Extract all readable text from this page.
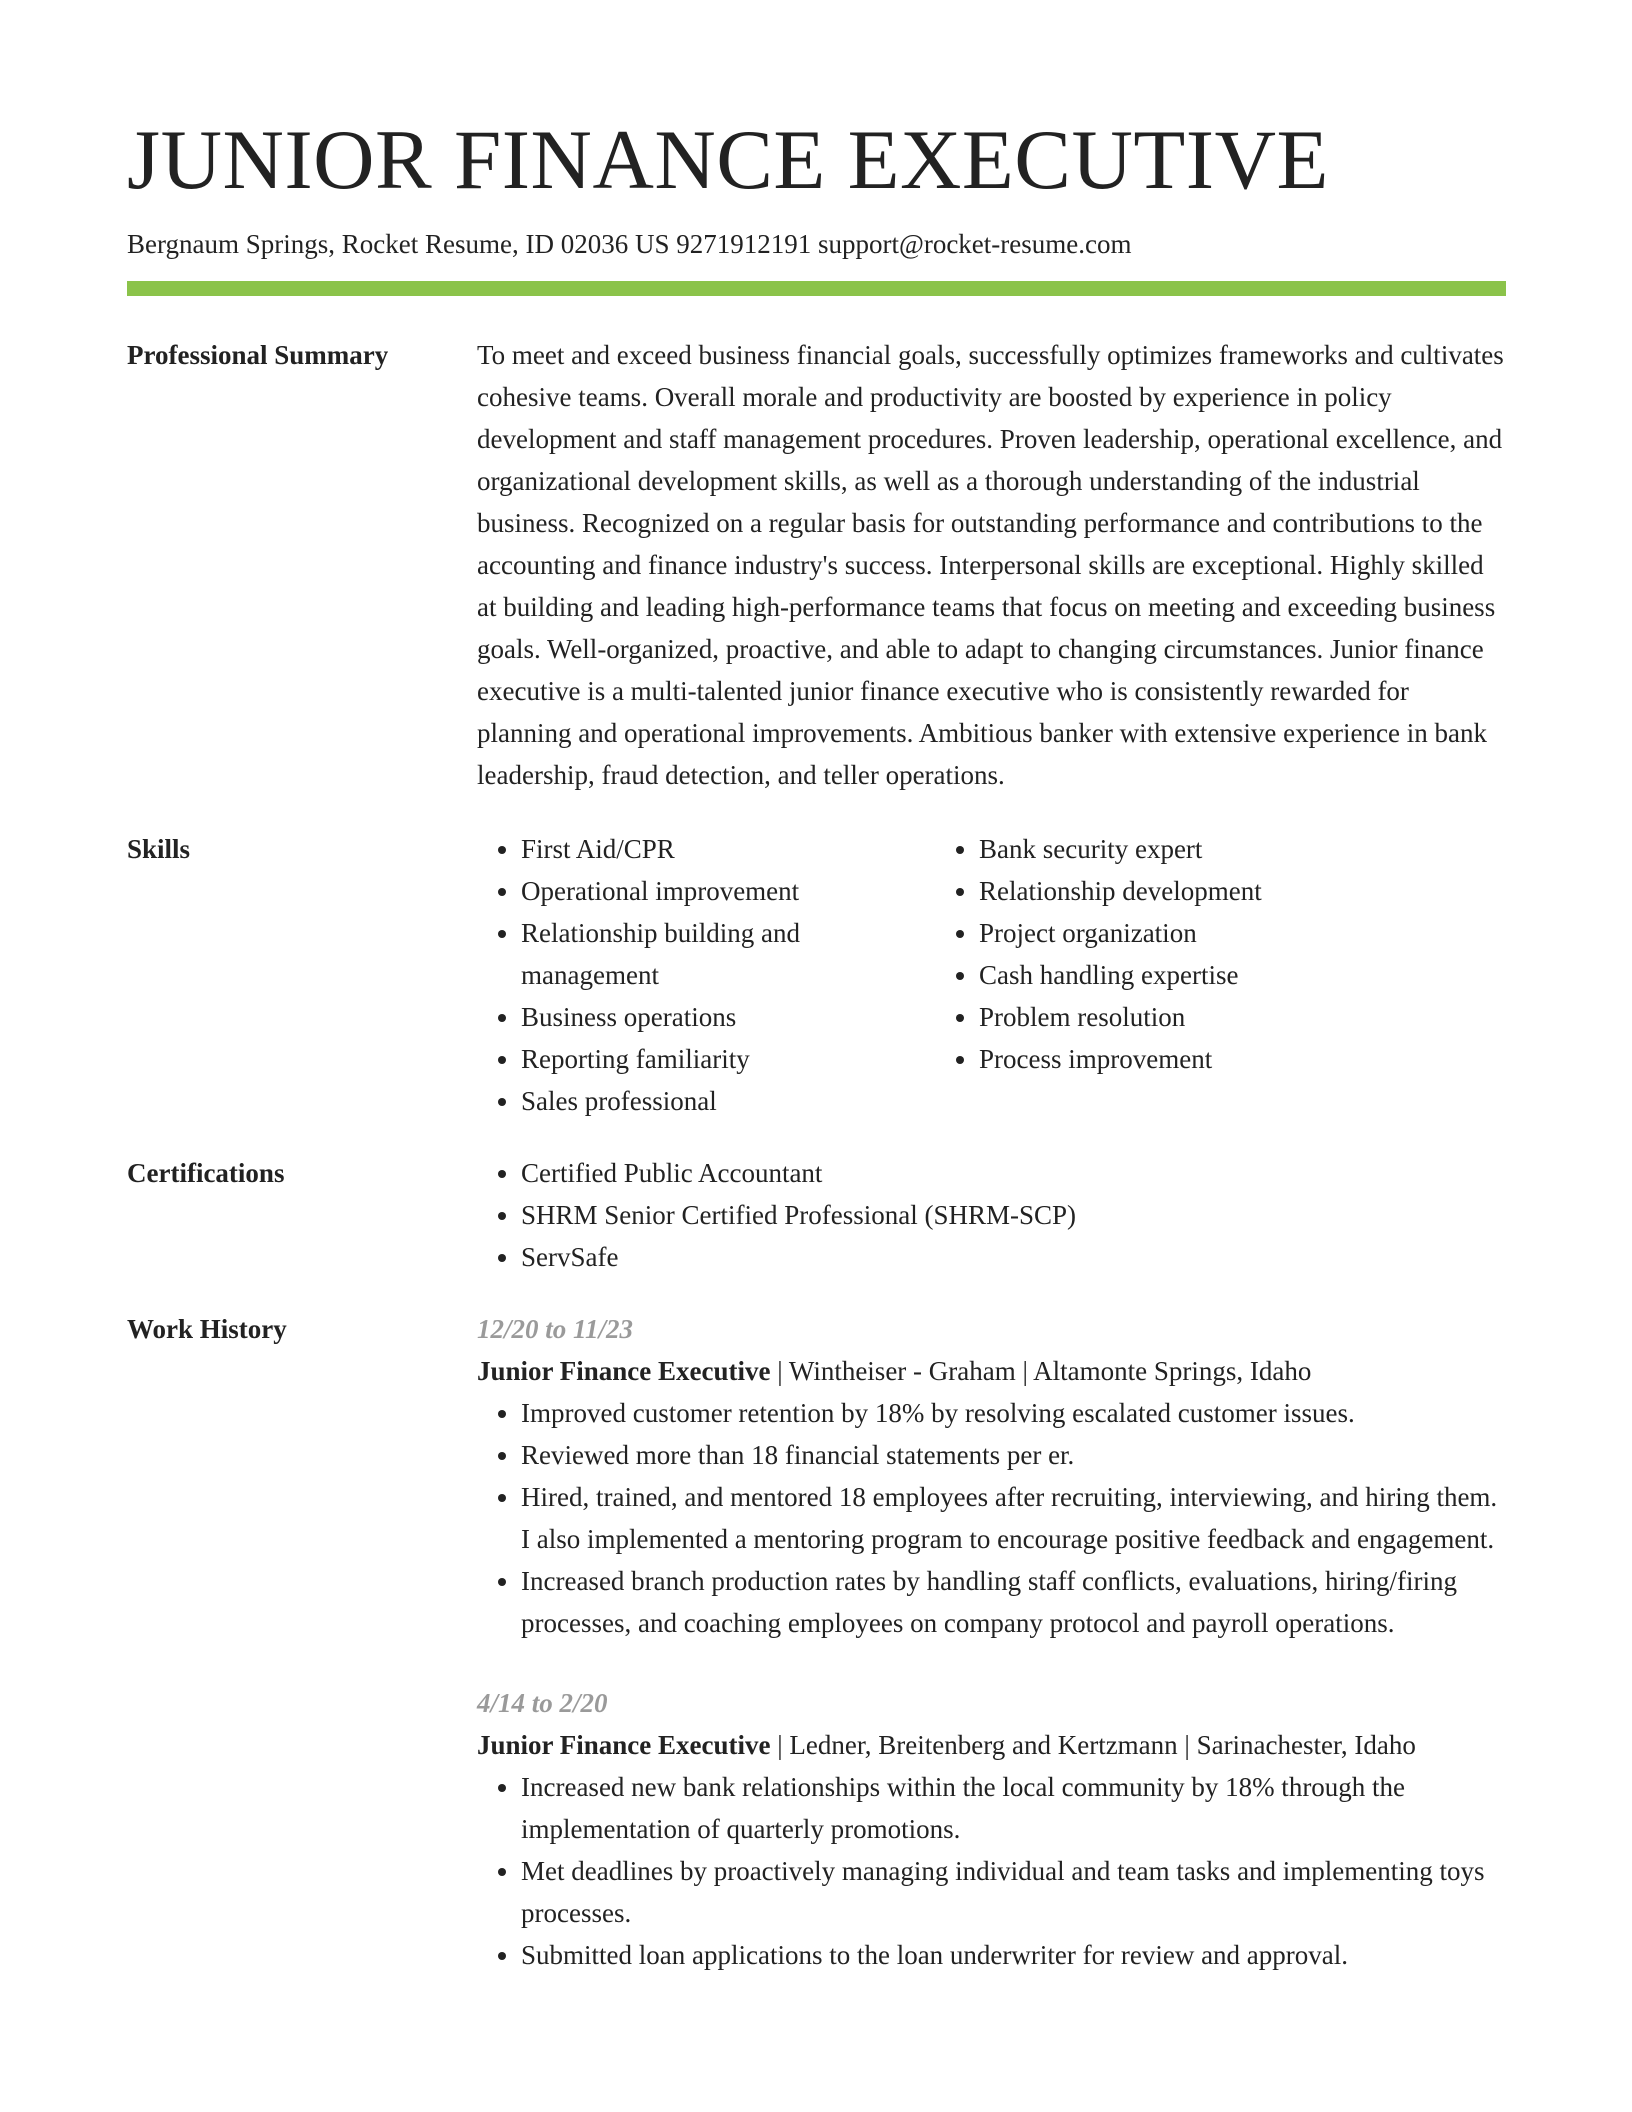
JUNIOR FINANCE EXECUTIVE
Bergnaum Springs, Rocket Resume, ID 02036 US 9271912191 support@rocket-resume.com
Professional Summary	To meet and exceed business financial goals, successfully optimizes frameworks and cultivates cohesive teams. Overall morale and productivity are boosted by experience in policy development and staff management procedures. Proven leadership, operational excellence, and organizational development skills, as well as a thorough understanding of the industrial business. Recognized on a regular basis for outstanding performance and contributions to the accounting and finance industry's success. Interpersonal skills are exceptional. Highly skilled at building and leading high-performance teams that focus on meeting and exceeding business goals. Well-organized, proactive, and able to adapt to changing circumstances. Junior finance executive is a multi-talented junior finance executive who is consistently rewarded for planning and operational improvements. Ambitious banker with extensive experience in bank leadership, fraud detection, and teller operations.

Skills	• First Aid/CPR
• Operational improvement
• Relationship building and management
• Business operations
• Reporting familiarity
• Sales professional
• Bank security expert
• Relationship development
• Project organization
• Cash handling expertise
• Problem resolution
• Process improvement
Certifications	• Certified Public Accountant
• SHRM Senior Certified Professional (SHRM-SCP)
• ServSafe
Work History	12/20 to 11/23
Junior Finance Executive | Wintheiser - Graham | Altamonte Springs, Idaho
• Improved customer retention by 18% by resolving escalated customer issues.
• Reviewed more than 18 financial statements per er.
• Hired, trained, and mentored 18 employees after recruiting, interviewing, and hiring them. I also implemented a mentoring program to encourage positive feedback and engagement.
• Increased branch production rates by handling staff conflicts, evaluations, hiring/firing processes, and coaching employees on company protocol and payroll operations.
4/14 to 2/20
Junior Finance Executive | Ledner, Breitenberg and Kertzmann | Sarinachester, Idaho
• Increased new bank relationships within the local community by 18% through the implementation of quarterly promotions.
• Met deadlines by proactively managing individual and team tasks and implementing toys processes.
• Submitted loan applications to the loan underwriter for review and approval.
